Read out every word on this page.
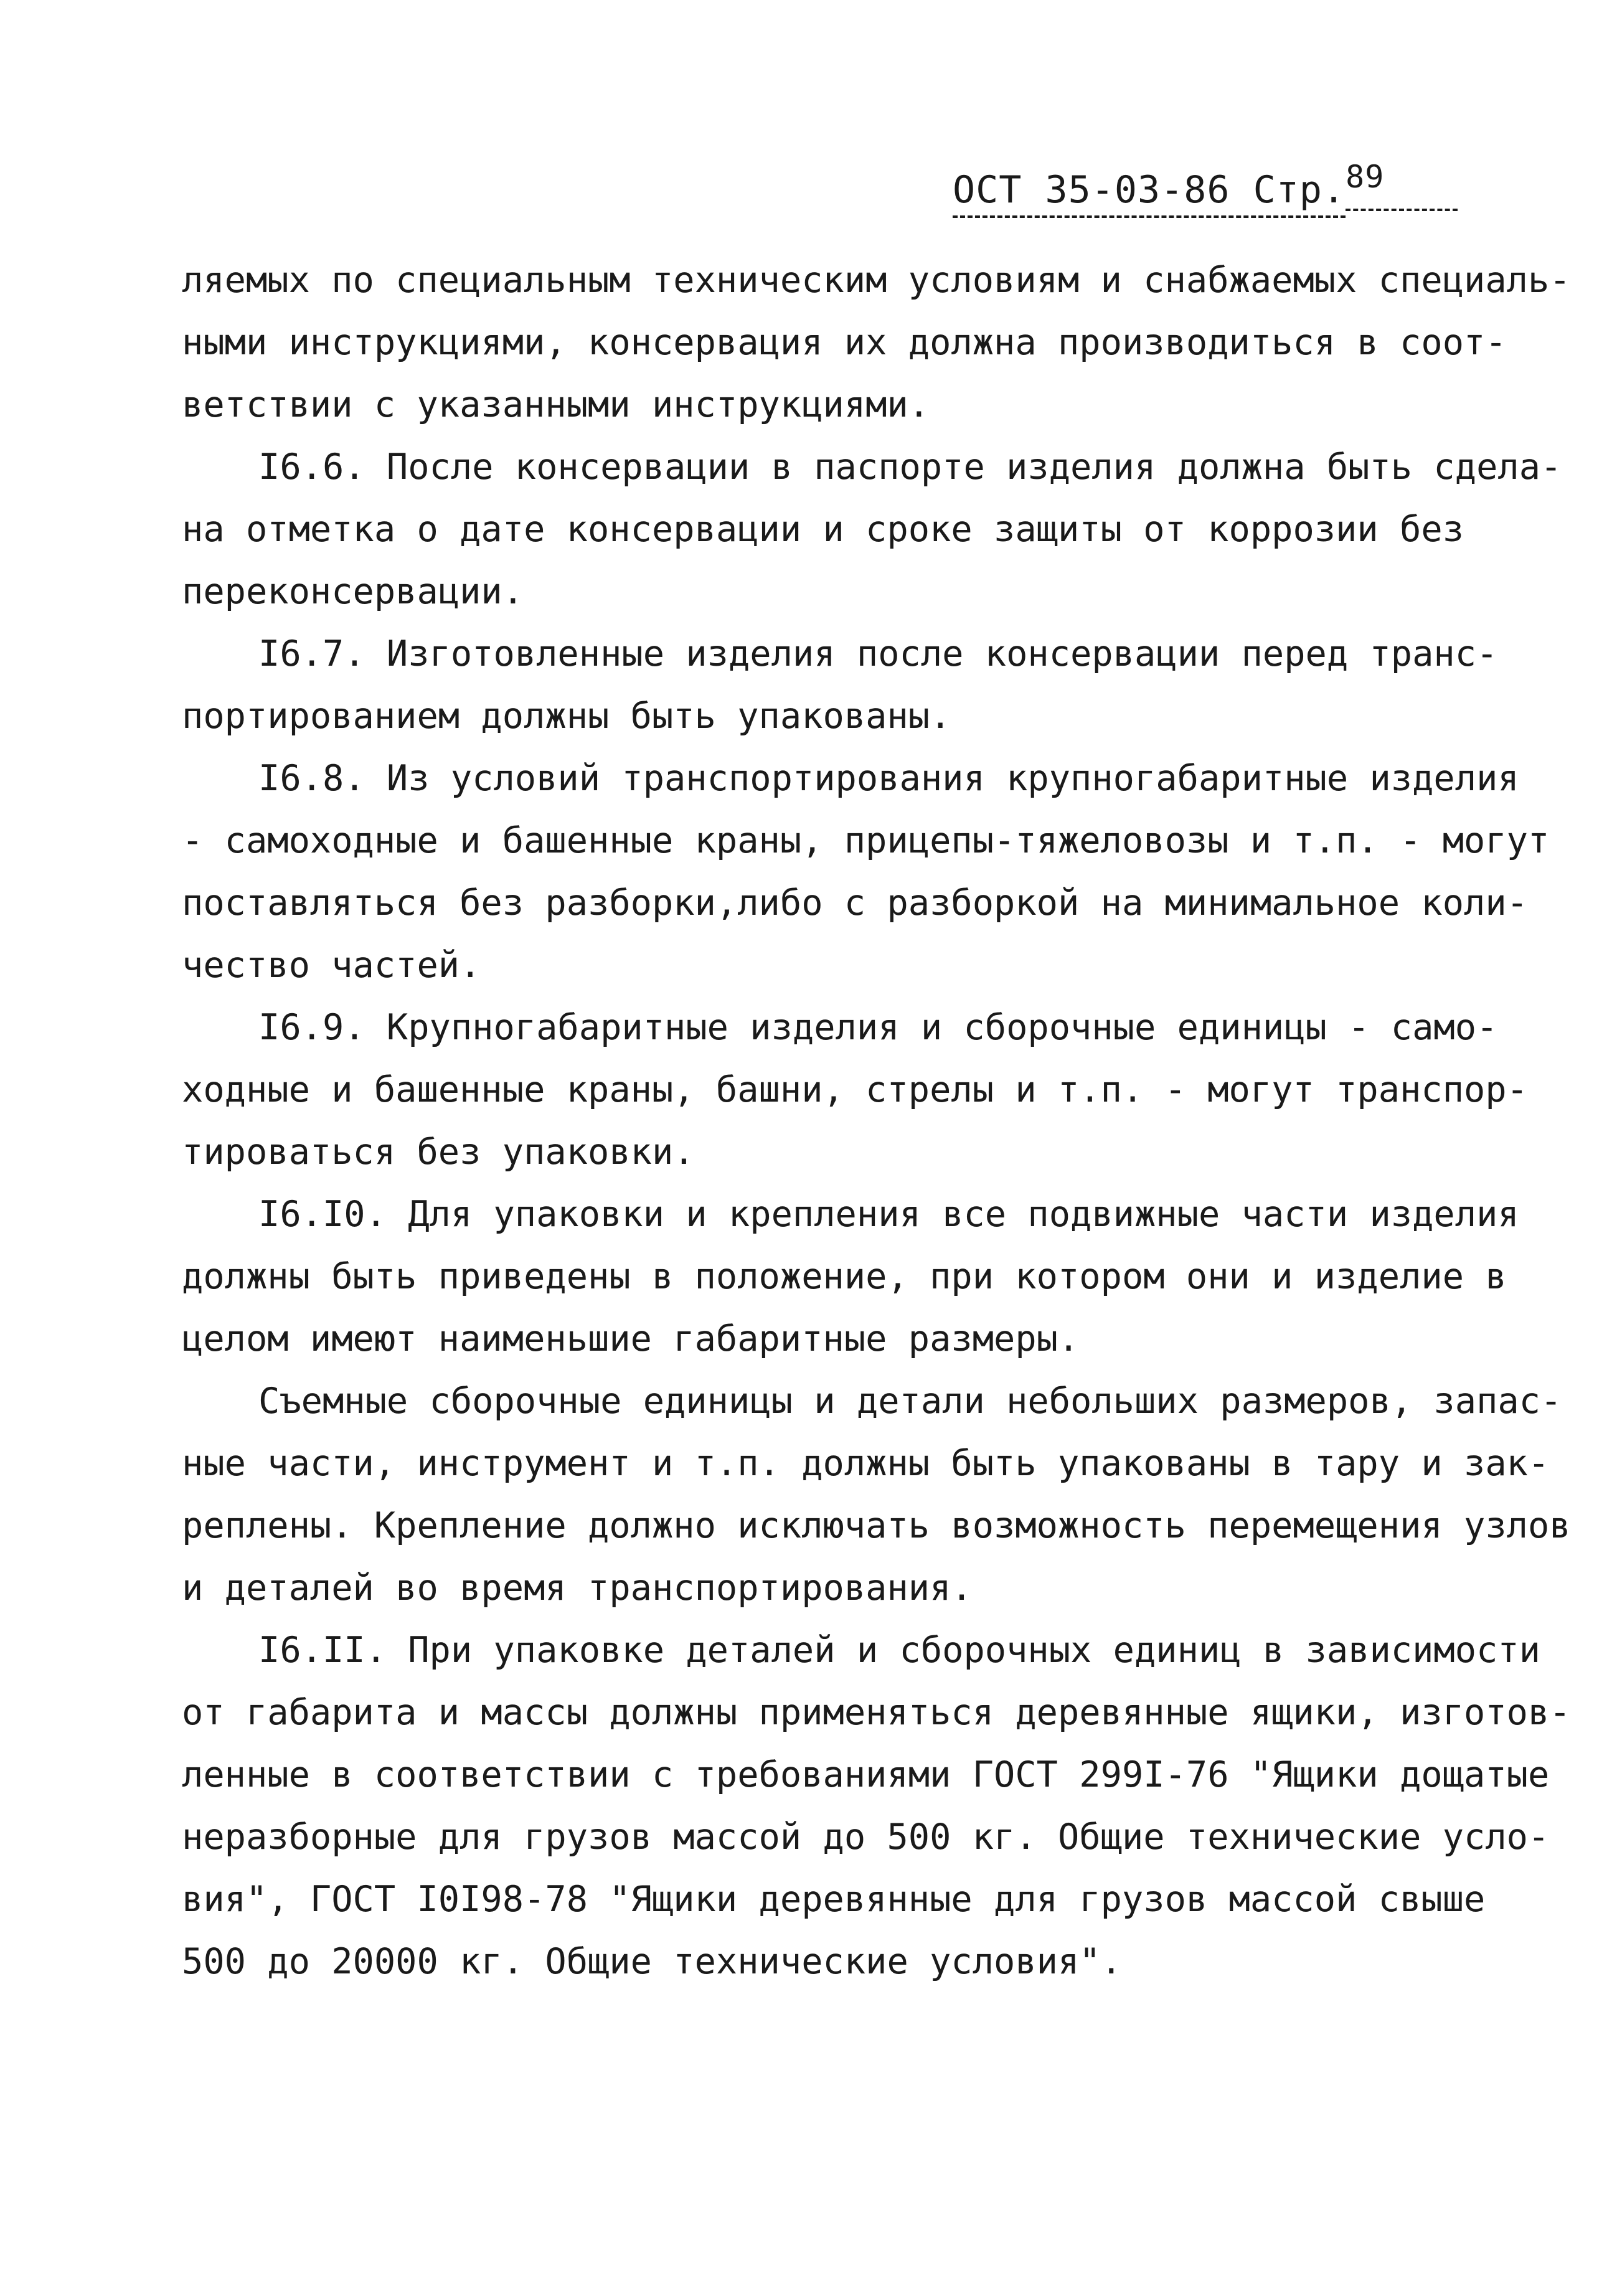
ОСТ 35-03-86 Стр.89
ляемых по специальным техническим условиям и снабжаемых специаль-
ными инструкциями, консервация их должна производиться в соот-
ветствии с указанными инструкциями.
I6.6. После консервации в паспорте изделия должна быть сдела-
на отметка о дате консервации и сроке защиты от коррозии без
переконсервации.
I6.7. Изготовленные изделия после консервации перед транс-
портированием должны быть упакованы.
I6.8. Из условий транспортирования крупногабаритные изделия
- самоходные и башенные краны, прицепы-тяжеловозы и т.п. - могут
поставляться без разборки,либо с разборкой на минимальное коли-
чество частей.
I6.9. Крупногабаритные изделия и сборочные единицы - само-
ходные и башенные краны, башни, стрелы и т.п. - могут транспор-
тироваться без упаковки.
I6.I0. Для упаковки и крепления все подвижные части изделия
должны быть приведены в положение, при котором они и изделие в
целом имеют наименьшие габаритные размеры.
Съемные сборочные единицы и детали небольших размеров, запас-
ные части, инструмент и т.п. должны быть упакованы в тару и зак-
реплены. Крепление должно исключать возможность перемещения узлов
и деталей во время транспортирования.
I6.II. При упаковке деталей и сборочных единиц в зависимости
от габарита и массы должны применяться деревянные ящики, изготов-
ленные в соответствии с требованиями ГОСТ 299I-76 "Ящики дощатые
неразборные для грузов массой до 500 кг. Общие технические усло-
вия", ГОСТ I0I98-78 "Ящики деревянные для грузов массой свыше
500 до 20000 кг. Общие технические условия".
